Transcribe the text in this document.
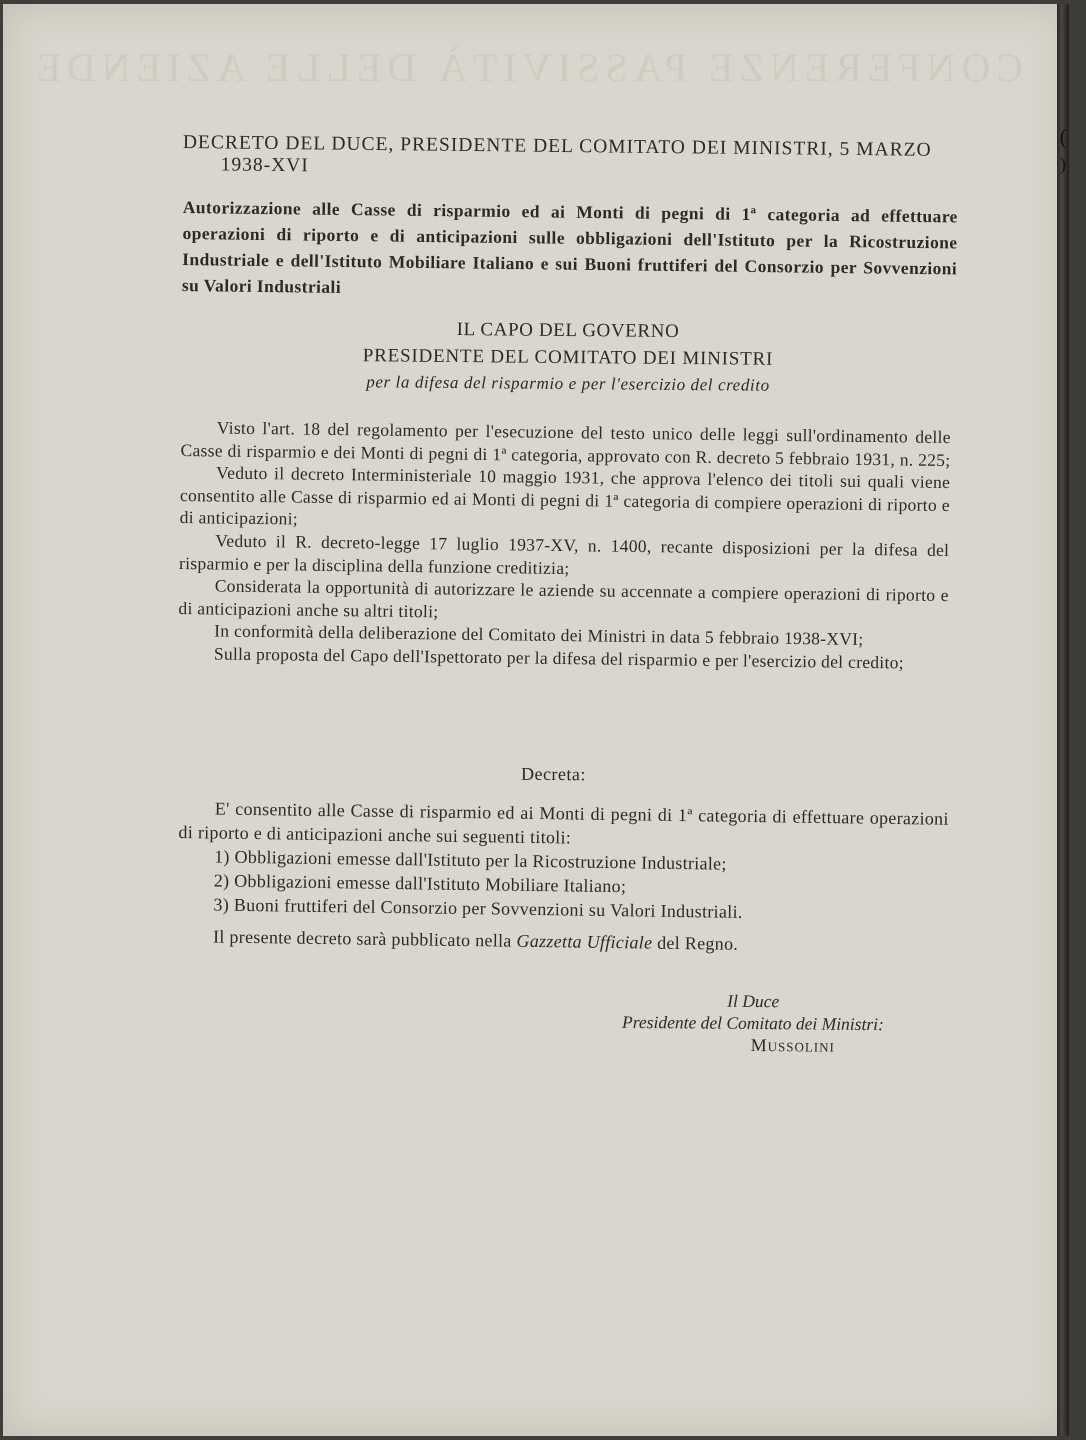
CONFERENZE PASSIVITÀ DELLE AZIENDE
(
)
DECRETO DEL DUCE, PRESIDENTE DEL COMITATO DEI MINISTRI, 5 MARZO
1938-XVI

Autorizzazione alle Casse di risparmio ed ai Monti di pegni di 1ª categoria ad effettuare operazioni di riporto e di anticipazioni sulle obbligazioni dell'Istituto per la Ricostruzione Industriale e dell'Istituto Mobiliare Italiano e sui Buoni fruttiferi del Consorzio per Sovvenzioni su Valori Industriali

IL CAPO DEL GOVERNO
PRESIDENTE DEL COMITATO DEI MINISTRI
per la difesa del risparmio e per l'esercizio del credito

Visto l'art. 18 del regolamento per l'esecuzione del testo unico delle leggi sull'ordinamento delle Casse di risparmio e dei Monti di pegni di 1ª categoria, approvato con R. decreto 5 febbraio 1931, n. 225;

Veduto il decreto Interministeriale 10 maggio 1931, che approva l'elenco dei titoli sui quali viene consentito alle Casse di risparmio ed ai Monti di pegni di 1ª categoria di compiere operazioni di riporto e di anticipazioni;

Veduto il R. decreto-legge 17 luglio 1937-XV, n. 1400, recante disposizioni per la difesa del risparmio e per la disciplina della funzione creditizia;

Considerata la opportunità di autorizzare le aziende su accennate a compiere operazioni di riporto e di anticipazioni anche su altri titoli;

In conformità della deliberazione del Comitato dei Ministri in data 5 febbraio 1938-XVI;

Sulla proposta del Capo dell'Ispettorato per la difesa del risparmio e per l'esercizio del credito;

Decreta:

E' consentito alle Casse di risparmio ed ai Monti di pegni di 1ª categoria di effettuare operazioni di riporto e di anticipazioni anche sui seguenti titoli:

1) Obbligazioni emesse dall'Istituto per la Ricostruzione Industriale;

2) Obbligazioni emesse dall'Istituto Mobiliare Italiano;

3) Buoni fruttiferi del Consorzio per Sovvenzioni su Valori Industriali.

Il presente decreto sarà pubblicato nella Gazzetta Ufficiale del Regno.

Il Duce
Presidente del Comitato dei Ministri:
Mussolini
